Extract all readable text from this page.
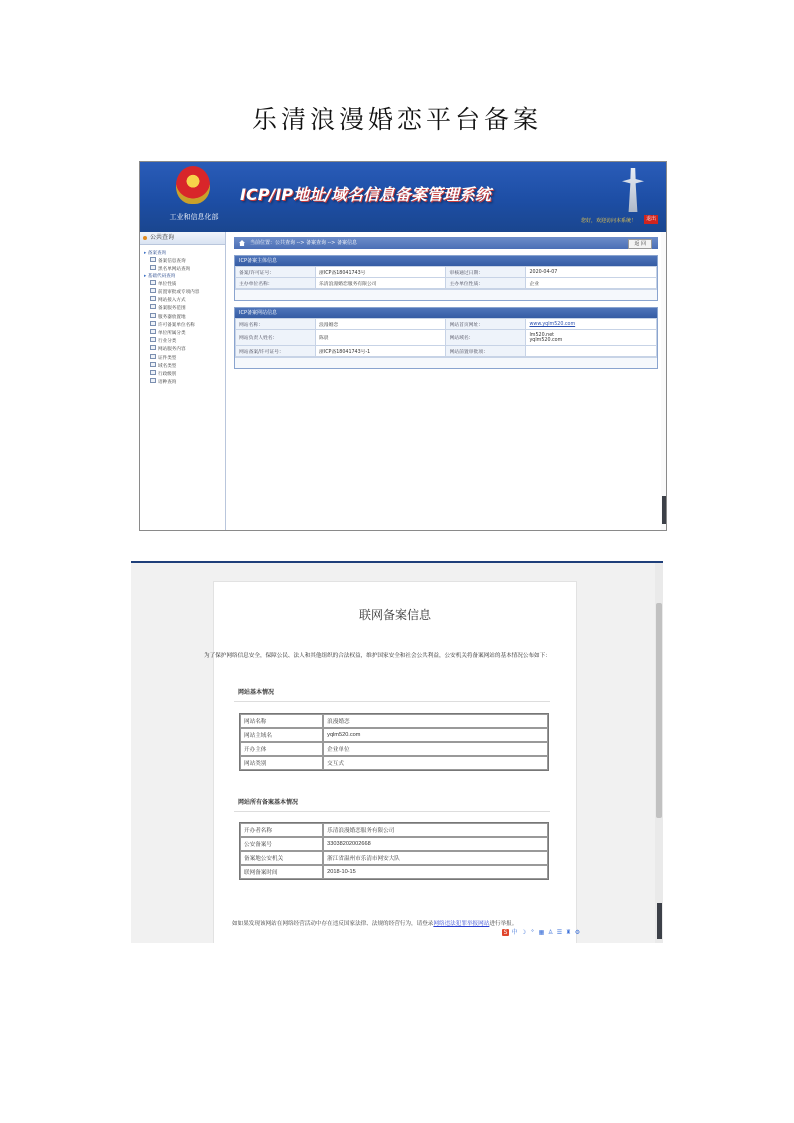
乐清浪漫婚恋平台备案
工业和信息化部
ICP/IP地址/域名信息备案管理系统
您好，欢迎访问本系统！	退出
公共查询
▸ 备案查询
备案信息查询
黑名单网站查询
▸ 基础代码查询
单位性质
前置审批或专项内容
网站接入方式
备案服务范围
服务器放置地
许可备案单位名称
单位所属分类
行业分类
网站服务内容
证件类型
域名类型
行政级别
语种查询
当前位置：公共查询 --> 备案查询 --> 备案信息	返 回
ICP备案主体信息
备案/许可证号：	浙ICP备18041743号	审核通过日期：	2020-04-07
主办单位名称：	乐清浪漫婚恋服务有限公司	主办单位性质：	企业
ICP备案网站信息
网站名称：	浪漫婚恋	网站首页网址：	www.yqlm520.com
网站负责人姓名：	陈晨	网站域名：	lm520.net
yqlm520.com

网站备案/许可证号：	浙ICP备18041743号-1	网站前置审批项：	
联网备案信息
为了保护网络信息安全，保障公民、法人和其他组织的合法权益，维护国家安全和社会公共利益，公安机关将备案网站的基本情况公布如下：
网站基本情况
网站名称	浪漫婚恋
网站主域名	yqlm520.com
开办主体	企业单位
网站类别	交互式
网站所有备案基本情况
开办者名称	乐清浪漫婚恋服务有限公司
公安备案号	33038202002668
备案地公安机关	浙江省温州市乐清市网安大队
联网备案时间	2018-10-15
如如果发现该网站在网络经营活动中存在违反国家法律、法规的经营行为，请登录网络违法犯罪举报网站进行举报。
S 中 ☽ ° ▦ ♙ ☰ ♜ ⚙
